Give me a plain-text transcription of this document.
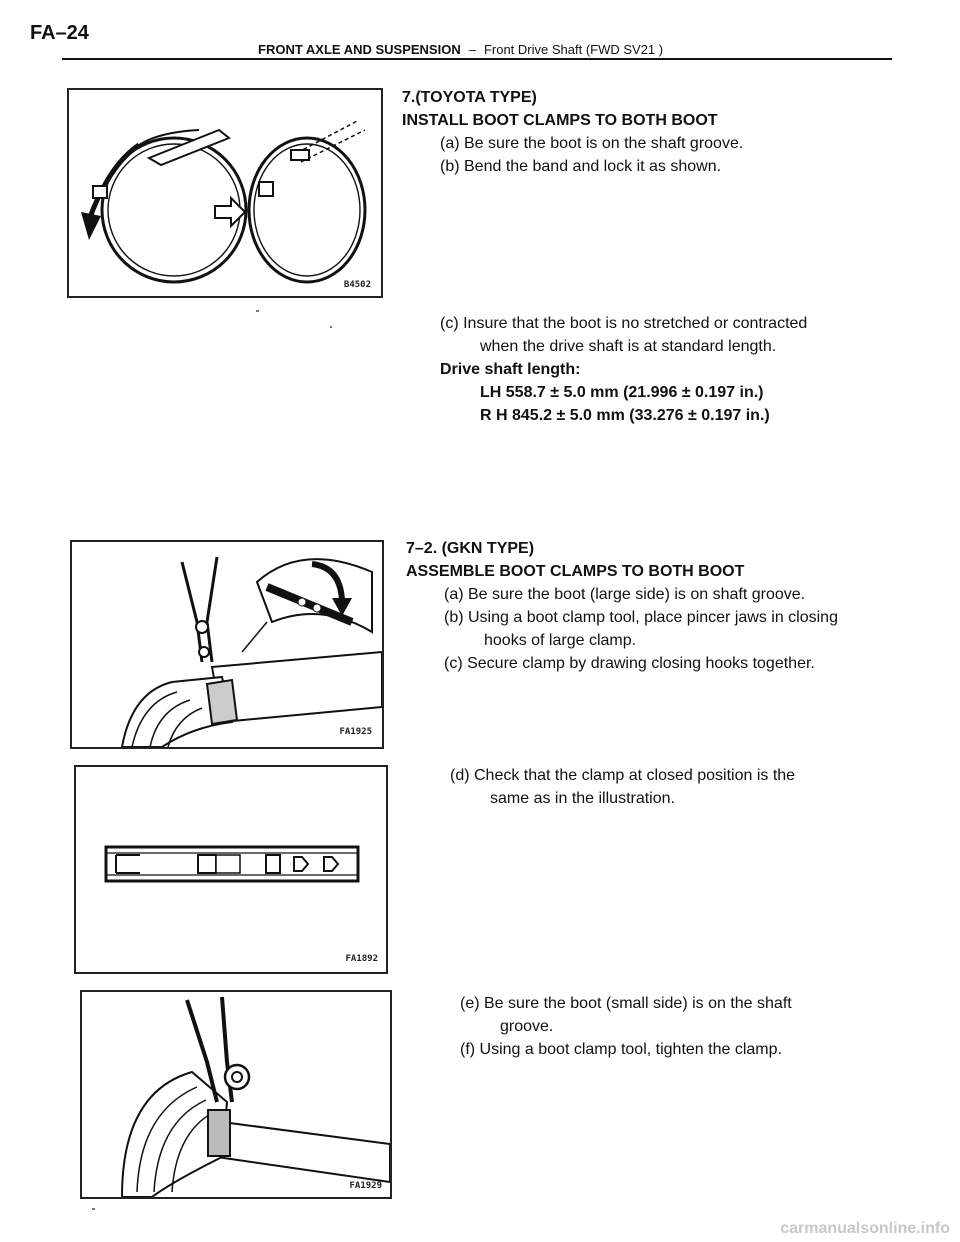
FA–24
FRONT AXLE AND SUSPENSION – Front Drive Shaft (FWD SV21 )
B4502
FA1925
FA1892
FA1929
7.(TOYOTA TYPE)
INSTALL BOOT CLAMPS TO BOTH BOOT
(a) Be sure the boot is on the shaft groove.
(b) Bend the band and lock it as shown.
(c) Insure that the boot is no stretched or contracted
when the drive shaft is at standard length.
Drive shaft length:
LH 558.7 ± 5.0 mm (21.996 ± 0.197 in.)
R H 845.2 ± 5.0 mm (33.276 ± 0.197 in.)
7–2. (GKN TYPE)
ASSEMBLE BOOT CLAMPS TO BOTH BOOT
(a) Be sure the boot (large side) is on shaft groove.
(b) Using a boot clamp tool, place pincer jaws in closing
hooks of large clamp.
(c) Secure clamp by drawing closing hooks together.
(d) Check that the clamp at closed position is the
same as in the illustration.
(e) Be sure the boot (small side) is on the shaft
groove.
(f) Using a boot clamp tool, tighten the clamp.
carmanualsonline.info
